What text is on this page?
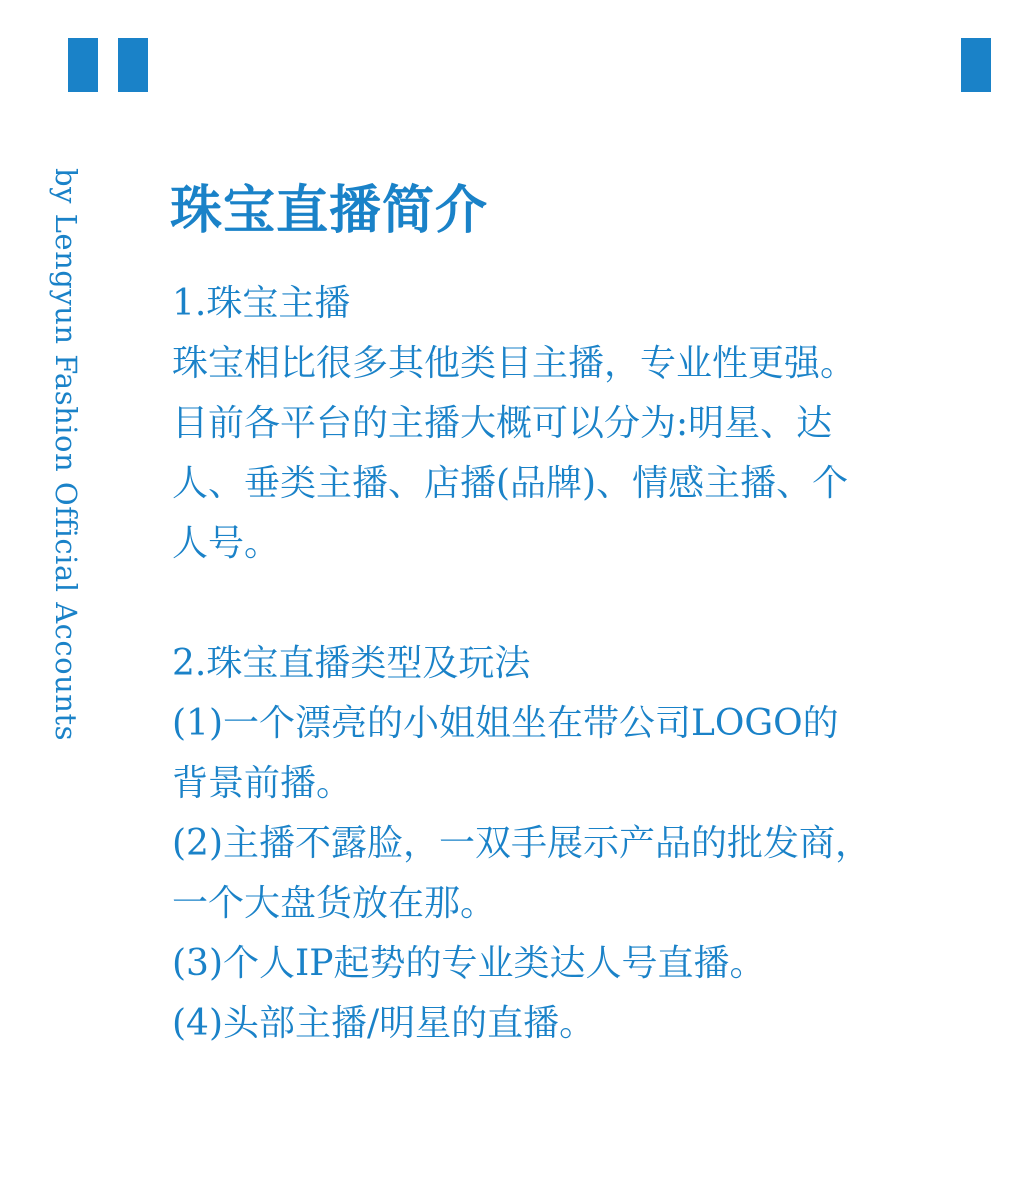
by Lengyun Fashion Official Accounts 珠宝直播简介
1.珠宝主播
珠宝相比很多其他类目主播，专业性更强。
目前各平台的主播大概可以分为:明星、达
人、垂类主播、店播(品牌)、情感主播、个
人号。
2.珠宝直播类型及玩法
(1)一个漂亮的小姐姐坐在带公司LOGO的
背景前播。
(2)主播不露脸，一双手展示产品的批发商，
一个大盘货放在那。
(3)个人IP起势的专业类达人号直播。
(4)头部主播/明星的直播。
